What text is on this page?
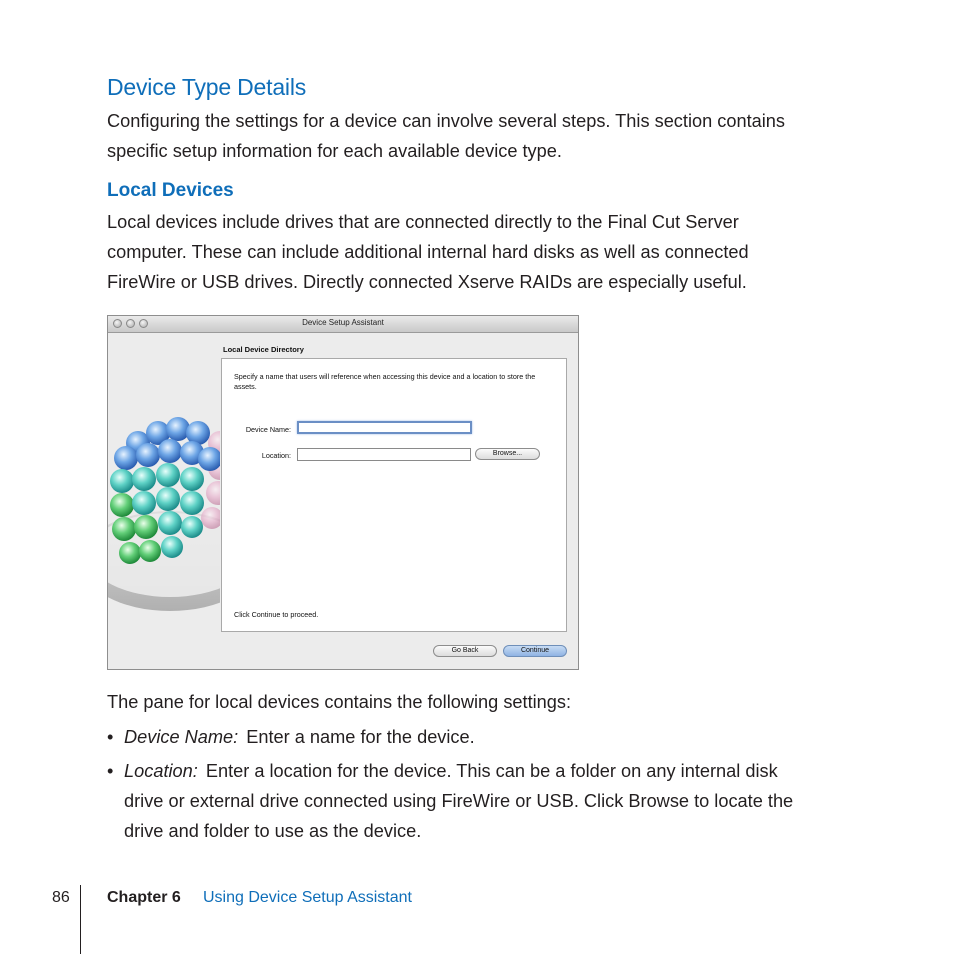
Device Type Details

Configuring the settings for a device can involve several steps. This section contains
specific setup information for each available device type.

Local Devices

Local devices include drives that are connected directly to the Final Cut Server
computer. These can include additional internal hard disks as well as connected
FireWire or USB drives. Directly connected Xserve RAIDs are especially useful.

Device Setup Assistant
Local Device Directory
Specify a name that users will reference when accessing this device and a location to store the assets.
Device Name:
Location:	Browse...
Click Continue to proceed.
Go Back	Continue

The pane for local devices contains the following settings:

• Device Name: Enter a name for the device.
• Location: Enter a location for the device. This can be a folder on any internal disk
drive or external drive connected using FireWire or USB. Click Browse to locate the
drive and folder to use as the device.
86 Chapter 6 Using Device Setup Assistant
